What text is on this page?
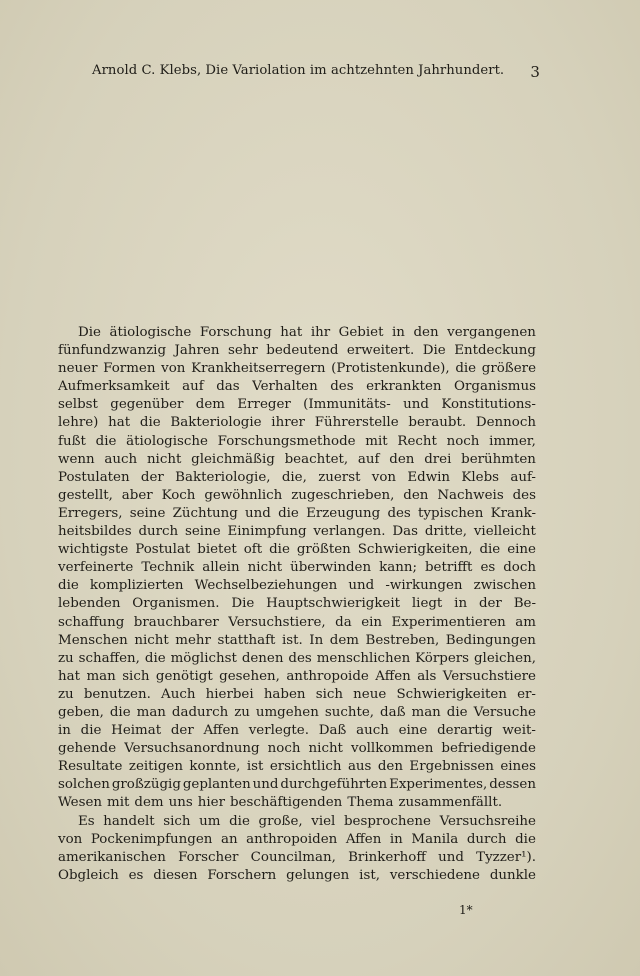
Arnold C. Klebs, Die Variolation im achtzehnten Jahrhundert. 3
Die ätiologische Forschung hat ihr Gebiet in den vergangenen
fünfundzwanzig Jahren sehr bedeutend erweitert. Die Entdeckung
neuer Formen von Krankheitserregern (Protistenkunde), die größere
Aufmerksamkeit auf das Verhalten des erkrankten Organismus
selbst gegenüber dem Erreger (Immunitäts- und Konstitutions-
lehre) hat die Bakteriologie ihrer Führerstelle beraubt. Dennoch
fußt die ätiologische Forschungsmethode mit Recht noch immer,
wenn auch nicht gleichmäßig beachtet, auf den drei berühmten
Postulaten der Bakteriologie, die, zuerst von Edwin Klebs auf-
gestellt, aber Koch gewöhnlich zugeschrieben, den Nachweis des
Erregers, seine Züchtung und die Erzeugung des typischen Krank-
heitsbildes durch seine Einimpfung verlangen. Das dritte, vielleicht
wichtigste Postulat bietet oft die größten Schwierigkeiten, die eine
verfeinerte Technik allein nicht überwinden kann; betrifft es doch
die komplizierten Wechselbeziehungen und -wirkungen zwischen
lebenden Organismen. Die Hauptschwierigkeit liegt in der Be-
schaffung brauchbarer Versuchstiere, da ein Experimentieren am
Menschen nicht mehr statthaft ist. In dem Bestreben, Bedingungen
zu schaffen, die möglichst denen des menschlichen Körpers gleichen,
hat man sich genötigt gesehen, anthropoide Affen als Versuchstiere
zu benutzen. Auch hierbei haben sich neue Schwierigkeiten er-
geben, die man dadurch zu umgehen suchte, daß man die Versuche
in die Heimat der Affen verlegte. Daß auch eine derartig weit-
gehende Versuchsanordnung noch nicht vollkommen befriedigende
Resultate zeitigen konnte, ist ersichtlich aus den Ergebnissen eines
solchen großzügig geplanten und durchgeführten Experimentes, dessen
Wesen mit dem uns hier beschäftigenden Thema zusammenfällt.
Es handelt sich um die große, viel besprochene Versuchsreihe
von Pockenimpfungen an anthropoiden Affen in Manila durch die
amerikanischen Forscher Councilman, Brinkerhoff und Tyzzer¹).
Obgleich es diesen Forschern gelungen ist, verschiedene dunkle
1*
